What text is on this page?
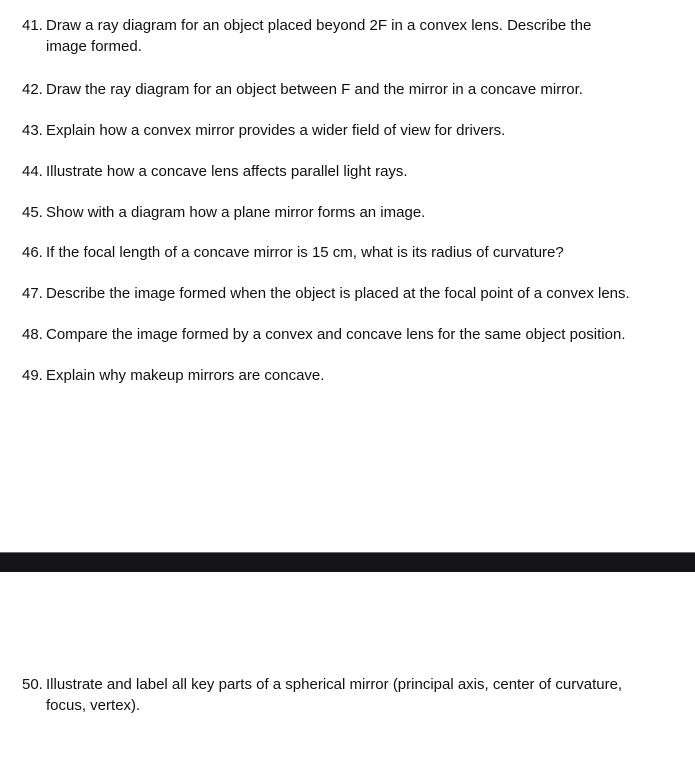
41. Draw a ray diagram for an object placed beyond 2F in a convex lens. Describe the image formed.
42. Draw the ray diagram for an object between F and the mirror in a concave mirror.
43. Explain how a convex mirror provides a wider field of view for drivers.
44. Illustrate how a concave lens affects parallel light rays.
45. Show with a diagram how a plane mirror forms an image.
46. If the focal length of a concave mirror is 15 cm, what is its radius of curvature?
47. Describe the image formed when the object is placed at the focal point of a convex lens.
48. Compare the image formed by a convex and concave lens for the same object position.
49. Explain why makeup mirrors are concave.
50. Illustrate and label all key parts of a spherical mirror (principal axis, center of curvature, focus, vertex).
